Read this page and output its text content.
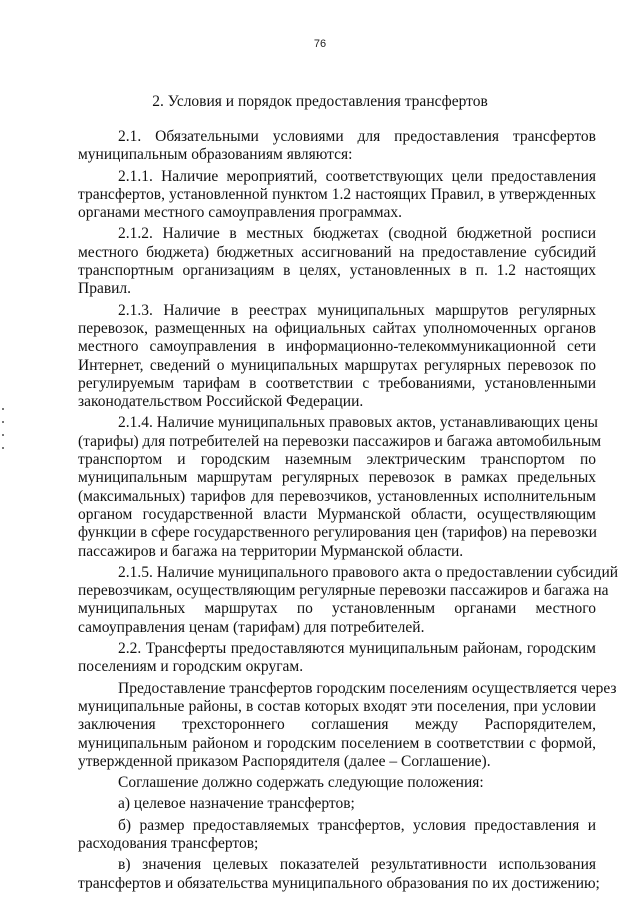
76
2. Условия и порядок предоставления трансфертов
2.1. Обязательными условиями для предоставления трансфертов
муниципальным образованиям являются:
2.1.1. Наличие мероприятий, соответствующих цели предоставления
трансфертов, установленной пунктом 1.2 настоящих Правил, в утвержденных
органами местного самоуправления программах.
2.1.2. Наличие в местных бюджетах (сводной бюджетной росписи
местного бюджета) бюджетных ассигнований на предоставление субсидий
транспортным организациям в целях, установленных в п. 1.2 настоящих
Правил.
2.1.3. Наличие в реестрах муниципальных маршрутов регулярных
перевозок, размещенных на официальных сайтах уполномоченных органов
местного самоуправления в информационно-телекоммуникационной сети
Интернет, сведений о муниципальных маршрутах регулярных перевозок по
регулируемым тарифам в соответствии с требованиями, установленными
законодательством Российской Федерации.
2.1.4. Наличие муниципальных правовых актов, устанавливающих цены
(тарифы) для потребителей на перевозки пассажиров и багажа автомобильным
транспортом и городским наземным электрическим транспортом по
муниципальным маршрутам регулярных перевозок в рамках предельных
(максимальных) тарифов для перевозчиков, установленных исполнительным
органом государственной власти Мурманской области, осуществляющим
функции в сфере государственного регулирования цен (тарифов) на перевозки
пассажиров и багажа на территории Мурманской области.
2.1.5. Наличие муниципального правового акта о предоставлении субсидий
перевозчикам, осуществляющим регулярные перевозки пассажиров и багажа на
муниципальных маршрутах по установленным органами местного
самоуправления ценам (тарифам) для потребителей.
2.2. Трансферты предоставляются муниципальным районам, городским
поселениям и городским округам.
Предоставление трансфертов городским поселениям осуществляется через
муниципальные районы, в состав которых входят эти поселения, при условии
заключения трехстороннего соглашения между Распорядителем,
муниципальным районом и городским поселением в соответствии с формой,
утвержденной приказом Распорядителя (далее – Соглашение).
Соглашение должно содержать следующие положения:
а) целевое назначение трансфертов;
б) размер предоставляемых трансфертов, условия предоставления и
расходования трансфертов;
в) значения целевых показателей результативности использования
трансфертов и обязательства муниципального образования по их достижению;
